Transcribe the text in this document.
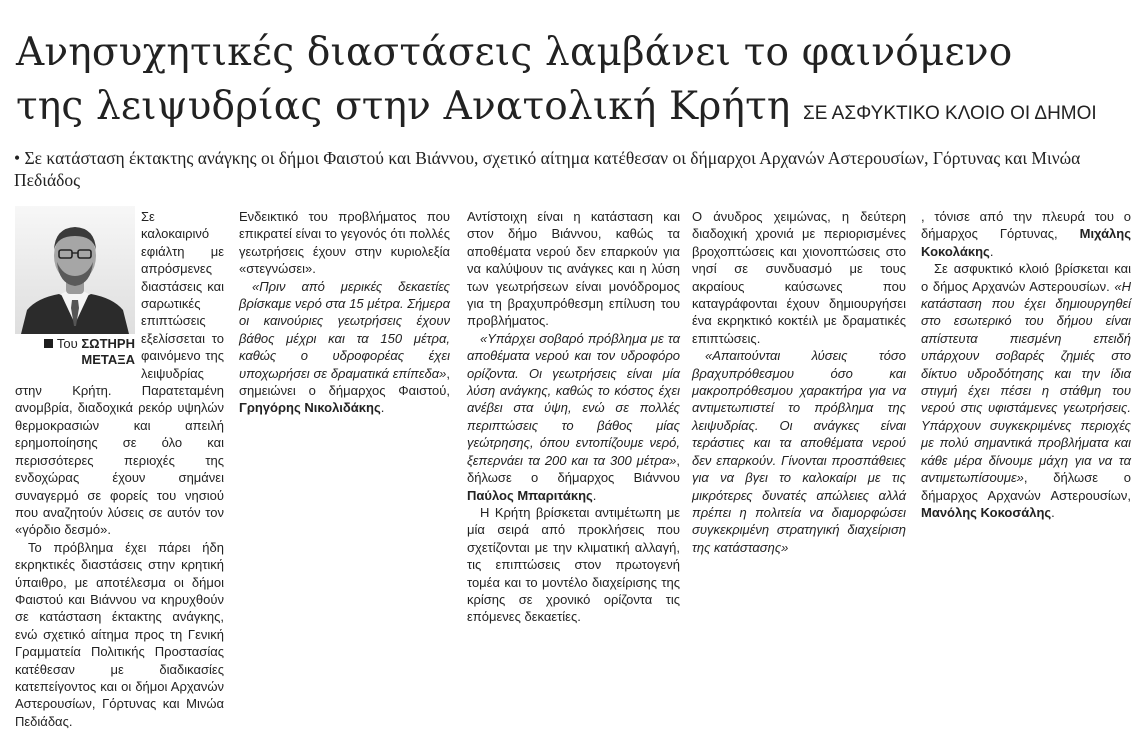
Ανησυχητικές διαστάσεις λαμβάνει το φαινόμενο
της λειψυδρίας στην Ανατολική Κρήτη ΣΕ ΑΣΦΥΚΤΙΚΟ ΚΛΟΙΟ ΟΙ ΔΗΜΟΙ
• Σε κατάσταση έκτακτης ανάγκης οι δήμοι Φαιστού και Βιάννου, σχετικό αίτημα κατέθεσαν οι δήμαρχοι Αρχανών Αστερουσίων, Γόρτυνας και Μινώα Πεδιάδος
Του ΣΩΤΗΡΗ
ΜΕΤΑΞΑ

Σε καλοκαιρινό εφιάλτη με απρόσμενες διαστάσεις και σαρωτικές επιπτώσεις εξελίσσεται το φαινόμενο της λειψυδρίας στην Κρήτη. Παρατεταμένη ανομβρία, διαδοχικά ρεκόρ υψηλών θερμοκρασιών και απειλή ερημοποίησης σε όλο και περισσότερες περιοχές της ενδοχώρας έχουν σημάνει συναγερμό σε φορείς του νησιού που αναζητούν λύσεις σε αυτόν τον «γόρδιο δεσμό».

Το πρόβλημα έχει πάρει ήδη εκρηκτικές διαστάσεις στην κρητική ύπαιθρο, με αποτέλεσμα οι δήμοι Φαιστού και Βιάννου να κηρυχθούν σε κατάσταση έκτακτης ανάγκης, ενώ σχετικό αίτημα προς τη Γενική Γραμματεία Πολιτικής Προστασίας κατέθεσαν με διαδικασίες κατεπείγοντος και οι δήμοι Αρχανών Αστερουσίων, Γόρτυνας και Μινώα Πεδιάδας.

Ενδεικτικό του προβλήματος που επικρατεί είναι το γεγονός ότι πολλές γεωτρήσεις έχουν στην κυριολεξία «στεγνώσει».

«Πριν από μερικές δεκαετίες βρίσκαμε νερό στα 15 μέτρα. Σήμερα οι καινούριες γεωτρήσεις έχουν βάθος μέχρι και τα 150 μέτρα, καθώς ο υδροφορέας έχει υποχωρήσει σε δραματικά επίπεδα», σημειώνει ο δήμαρχος Φαιστού, Γρηγόρης Νικολιδάκης.

Αντίστοιχη είναι η κατάσταση και στον δήμο Βιάννου, καθώς τα αποθέματα νερού δεν επαρκούν για να καλύψουν τις ανάγκες και η λύση των γεωτρήσεων είναι μονόδρομος για τη βραχυπρόθεσμη επίλυση του προβλήματος.

«Υπάρχει σοβαρό πρόβλημα με τα αποθέματα νερού και τον υδροφόρο ορίζοντα. Οι γεωτρήσεις είναι μία λύση ανάγκης, καθώς το κόστος έχει ανέβει στα ύψη, ενώ σε πολλές περιπτώσεις το βάθος μίας γεώτρησης, όπου εντοπίζουμε νερό, ξεπερνάει τα 200 και τα 300 μέτρα», δήλωσε ο δήμαρχος Βιάννου Παύλος Μπαριτάκης.

Η Κρήτη βρίσκεται αντιμέτωπη με μία σειρά από προκλήσεις που σχετίζονται με την κλιματική αλλαγή, τις επιπτώσεις στον πρωτογενή τομέα και το μοντέλο διαχείρισης της κρίσης σε χρονικό ορίζοντα τις επόμενες δεκαετίες.

Ο άνυδρος χειμώνας, η δεύτερη διαδοχική χρονιά με περιορισμένες βροχοπτώσεις και χιονοπτώσεις στο νησί σε συνδυασμό με τους ακραίους καύσωνες που καταγράφονται έχουν δημιουργήσει ένα εκρηκτικό κοκτέιλ με δραματικές επιπτώσεις.

«Απαιτούνται λύσεις τόσο βραχυπρόθεσμου όσο και μακροπρόθεσμου χαρακτήρα για να αντιμετωπιστεί το πρόβλημα της λειψυδρίας. Οι ανάγκες είναι τεράστιες και τα αποθέματα νερού δεν επαρκούν. Γίνονται προσπάθειες για να βγει το καλοκαίρι με τις μικρότερες δυνατές απώλειες αλλά πρέπει η πολιτεία να διαμορφώσει συγκεκριμένη στρατηγική διαχείριση της κατάστασης»

, τόνισε από την πλευρά του ο δήμαρχος Γόρτυνας, Μιχάλης Κοκολάκης.

Σε ασφυκτικό κλοιό βρίσκεται και ο δήμος Αρχανών Αστερουσίων. «Η κατάσταση που έχει δημιουργηθεί στο εσωτερικό του δήμου είναι απίστευτα πιεσμένη επειδή υπάρχουν σοβαρές ζημιές στο δίκτυο υδροδότησης και την ίδια στιγμή έχει πέσει η στάθμη του νερού στις υφιστάμενες γεωτρήσεις. Υπάρχουν συγκεκριμένες περιοχές με πολύ σημαντικά προβλήματα και κάθε μέρα δίνουμε μάχη για να τα αντιμετωπίσουμε», δήλωσε ο δήμαρχος Αρχανών Αστερουσίων, Μανόλης Κοκοσάλης.
